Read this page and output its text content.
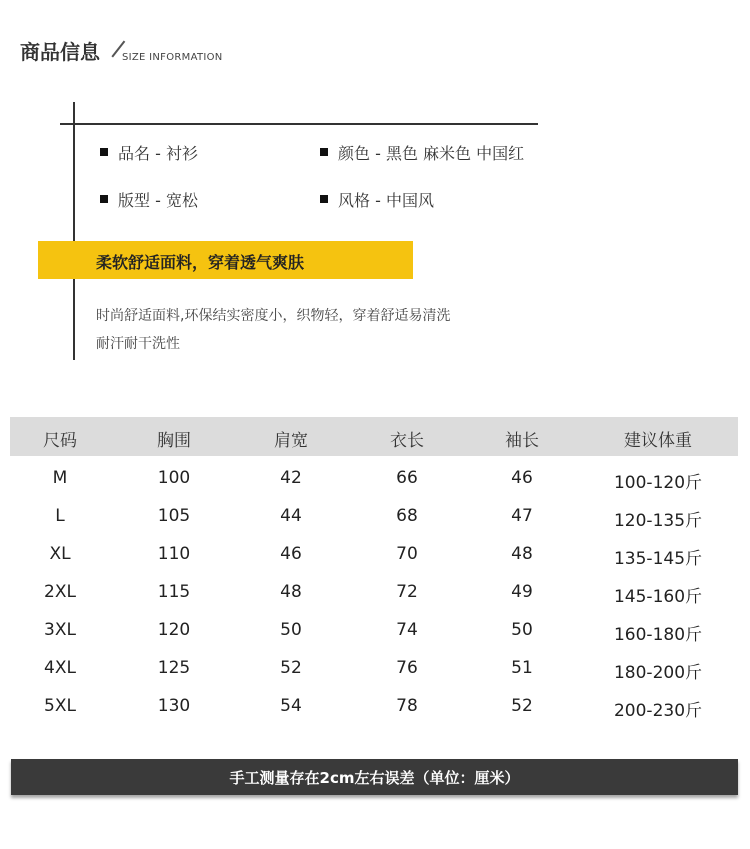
商品信息 SIZE INFORMATION
品名 - 衬衫	颜色 - 黑色 麻米色 中国红
版型 - 宽松	风格 - 中国风
柔软舒适面料，穿着透气爽肤
时尚舒适面料,环保结实密度小，织物轻，穿着舒适易清洗
耐汗耐干洗性
尺码	胸围	肩宽	衣长	袖长	建议体重
M	100	42	66	46	100-120斤
L	105	44	68	47	120-135斤
XL	110	46	70	48	135-145斤
2XL	115	48	72	49	145-160斤
3XL	120	50	74	50	160-180斤
4XL	125	52	76	51	180-200斤
5XL	130	54	78	52	200-230斤
手工测量存在2cm左右误差（单位：厘米）
